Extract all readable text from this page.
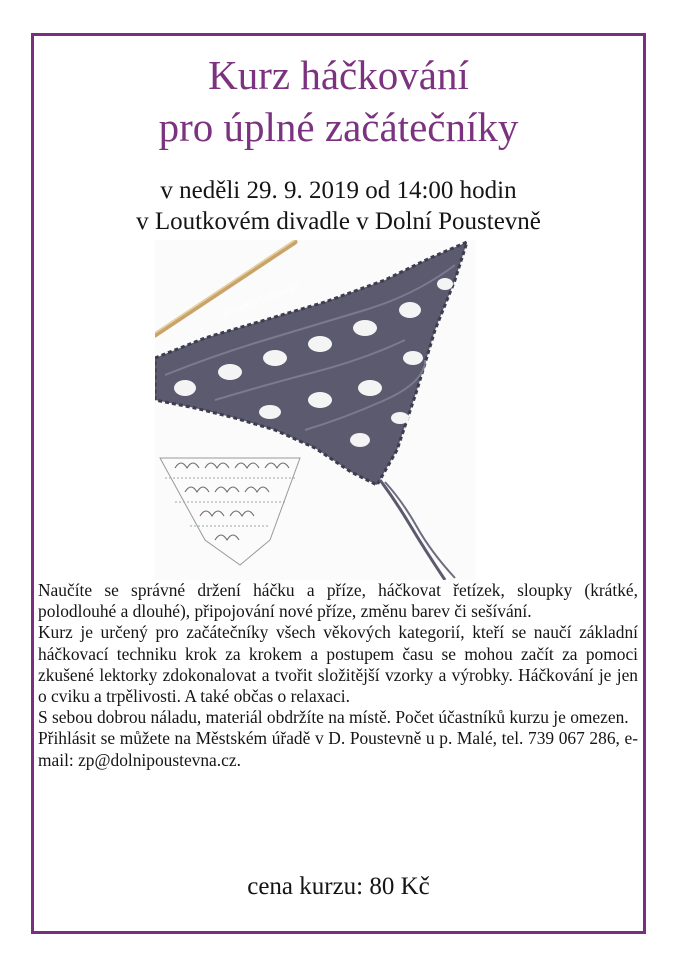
Kurz háčkování
pro úplné začátečníky
v neděli 29. 9. 2019 od 14:00 hodin
v Loutkovém divadle v Dolní Poustevně
@TheMailoDesign

Naučíte se správné držení háčku a příze, háčkovat řetízek, sloupky (krátké, polodlouhé a dlouhé), připojování nové příze, změnu barev či sešívání.

Kurz je určený pro začátečníky všech věkových kategorií, kteří se naučí základní háčkovací techniku krok za krokem a postupem času se mohou začít za pomoci zkušené lektorky zdokonalovat a tvořit složitější vzorky a výrobky. Háčkování je jen o cviku a trpělivosti. A také občas o relaxaci.

S sebou dobrou náladu, materiál obdržíte na místě. Počet účastníků kurzu je omezen.

Přihlásit se můžete na Městském úřadě v D. Poustevně u p. Malé, tel. 739 067 286, e-mail: zp@dolnipoustevna.cz.

cena kurzu: 80 Kč
